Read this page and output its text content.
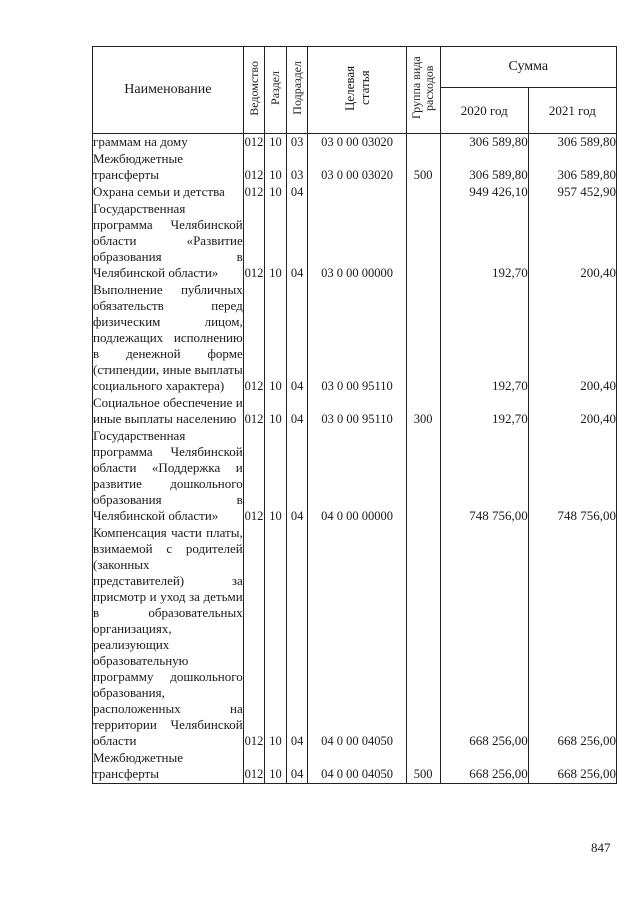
Наименование	Ведомство	Раздел	Подраздел	Целевая статья	Группа вида расходов	Сумма	
						2020 год	2021 год
граммам на дому	012	10	03	03 0 00 03020		306 589,80	306 589,80
Межбюджетные трансферты	012	10	03	03 0 00 03020	500	306 589,80	306 589,80
Охрана семьи и детства	012	10	04			949 426,10	957 452,90
Государственная программа Челябинской области «Развитие образования в Челябинской области»	012	10	04	03 0 00 00000		192,70	200,40
Выполнение публичных обязательств перед физическим лицом, подлежащих исполнению в денежной форме (стипендии, иные выплаты социального характера)	012	10	04	03 0 00 95110		192,70	200,40
Социальное обеспечение и иные выплаты населению	012	10	04	03 0 00 95110	300	192,70	200,40
Государственная программа Челябинской области «Поддержка и развитие дошкольного образования в Челябинской области»	012	10	04	04 0 00 00000		748 756,00	748 756,00
Компенсация части платы, взимаемой с родителей (законных представителей) за присмотр и уход за детьми в образовательных организациях, реализующих образовательную программу дошкольного образования, расположенных на территории Челябинской области	012	10	04	04 0 00 04050		668 256,00	668 256,00
Межбюджетные трансферты	012	10	04	04 0 00 04050	500	668 256,00	668 256,00
847
